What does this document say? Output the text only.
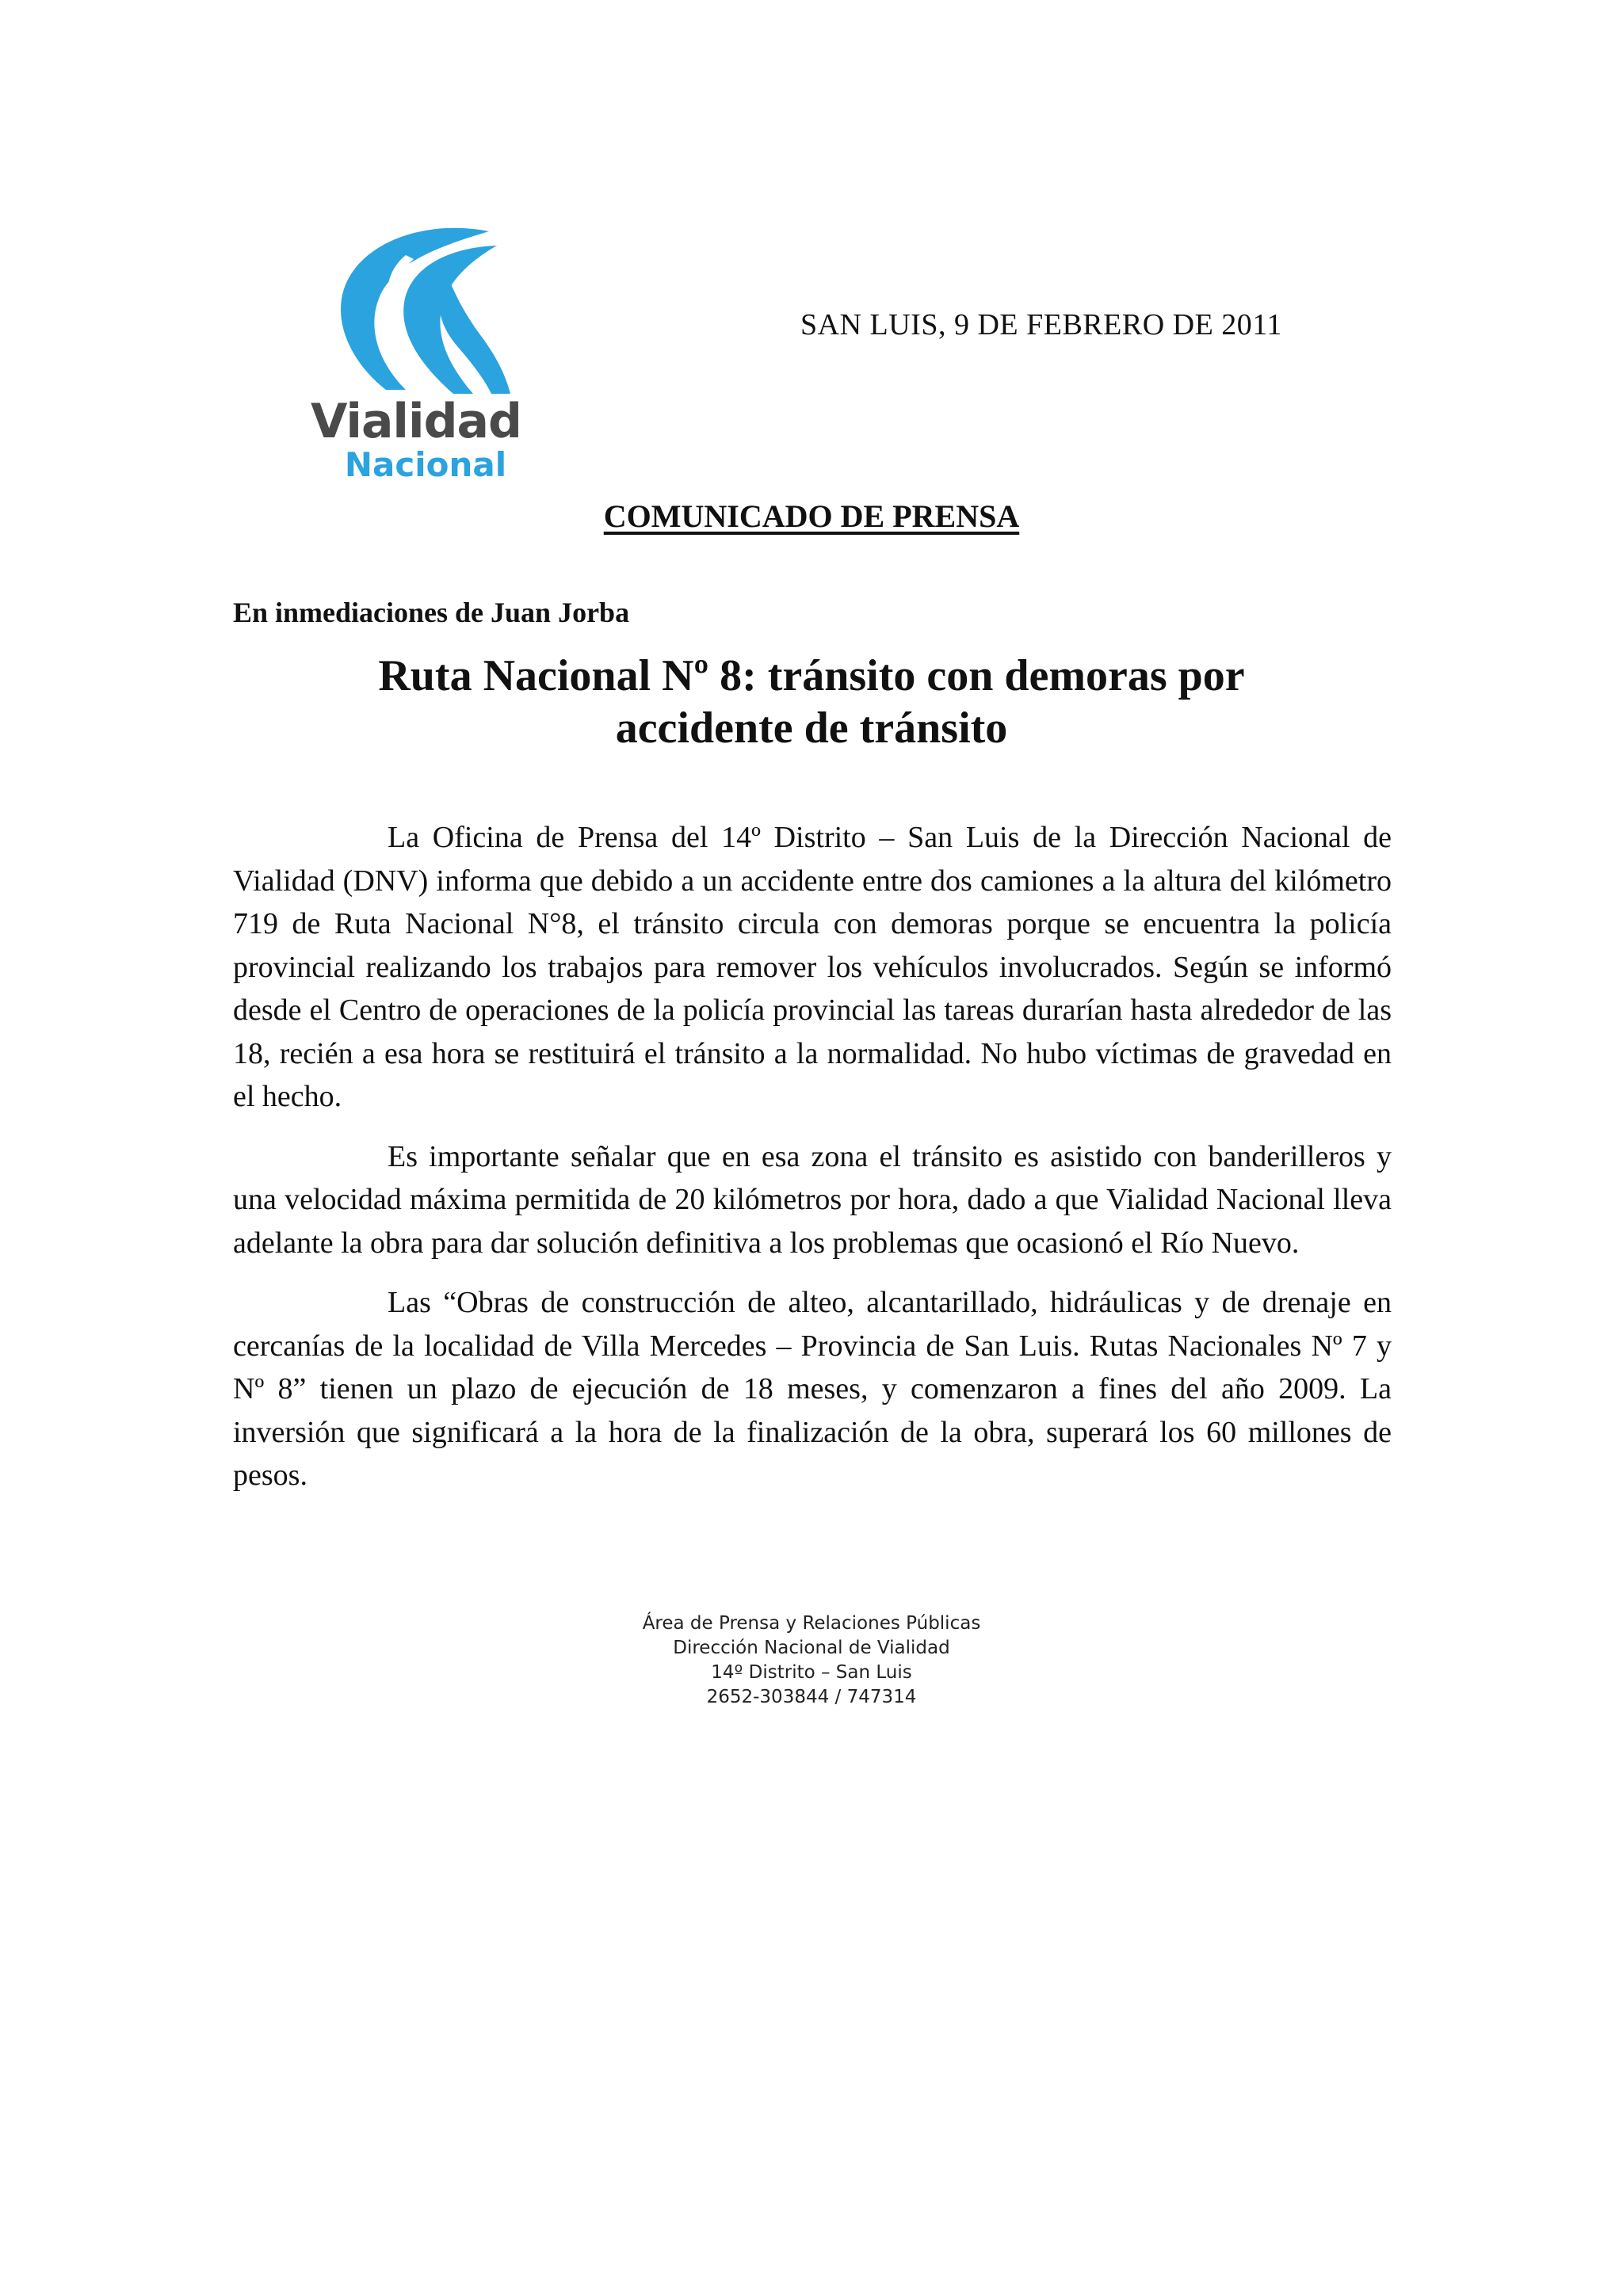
Vialidad
Nacional
SAN LUIS, 9 DE FEBRERO DE 2011
COMUNICADO DE PRENSA
En inmediaciones de Juan Jorba
Ruta Nacional Nº 8: tránsito con demoras por
accidente de tránsito

La Oficina de Prensa del 14º Distrito – San Luis de la Dirección Nacional de Vialidad (DNV) informa que debido a un accidente entre dos camiones a la altura del kilómetro 719 de Ruta Nacional N°8, el tránsito circula con demoras porque se encuentra la policía provincial realizando los trabajos para remover los vehículos involucrados. Según se informó desde el Centro de operaciones de la policía provincial las tareas durarían hasta alrededor de las 18, recién a esa hora se restituirá el tránsito a la normalidad. No hubo víctimas de gravedad en el hecho.

Es importante señalar que en esa zona el tránsito es asistido con banderilleros y una velocidad máxima permitida de 20 kilómetros por hora, dado a que Vialidad Nacional lleva adelante la obra para dar solución definitiva a los problemas que ocasionó el Río Nuevo.

Las “Obras de construcción de alteo, alcantarillado, hidráulicas y de drenaje en cercanías de la localidad de Villa Mercedes – Provincia de San Luis. Rutas Nacionales Nº 7 y Nº 8” tienen un plazo de ejecución de 18 meses, y comenzaron a fines del año 2009. La inversión que significará a la hora de la finalización de la obra, superará los 60 millones de pesos.

Área de Prensa y Relaciones Públicas
Dirección Nacional de Vialidad
14º Distrito – San Luis
2652-303844 / 747314
